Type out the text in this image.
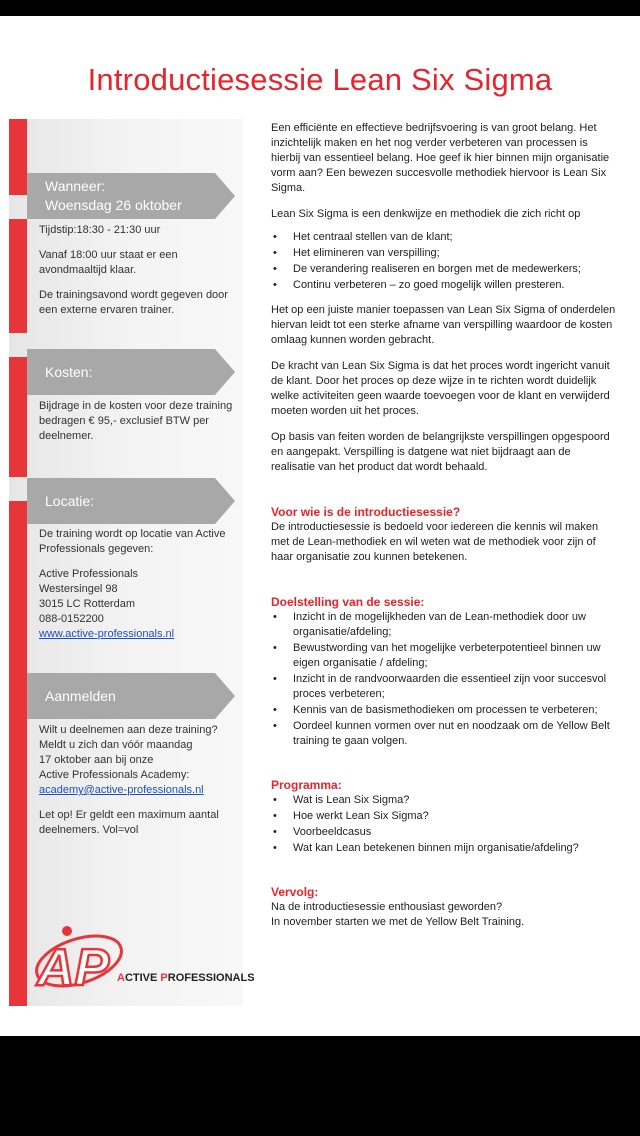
Introductiesessie Lean Six Sigma
Wanneer:
Woensdag 26 oktober

Tijdstip:18:30 - 21:30 uur

Vanaf 18:00 uur staat er een avondmaaltijd klaar.

De trainingsavond wordt gegeven door een externe ervaren trainer.

Kosten:

Bijdrage in de kosten voor deze training bedragen € 95,- exclusief BTW per deelnemer.

Locatie:

De training wordt op locatie van Active Professionals gegeven:

Active Professionals
Westersingel 98
3015 LC Rotterdam
088-0152200
www.active-professionals.nl
Aanmelden
Wilt u deelnemen aan deze training?
Meldt u zich dan vóór maandag
17 oktober aan bij onze
Active Professionals Academy:
academy@active-professionals.nl

Let op! Er geldt een maximum aantal deelnemers. Vol=vol

AP ACTIVE PROFESSIONALS

Een efficiënte en effectieve bedrijfsvoering is van groot belang. Het inzichtelijk maken en het nog verder verbeteren van processen is hierbij van essentieel belang. Hoe geef ik hier binnen mijn organisatie vorm aan? Een bewezen succesvolle methodiek hiervoor is Lean Six Sigma.

Lean Six Sigma is een denkwijze en methodiek die zich richt op

• Het centraal stellen van de klant;
• Het elimineren van verspilling;
• De verandering realiseren en borgen met de medewerkers;
• Continu verbeteren – zo goed mogelijk willen presteren.

Het op een juiste manier toepassen van Lean Six Sigma of onderdelen hiervan leidt tot een sterke afname van verspilling waardoor de kosten omlaag kunnen worden gebracht.

De kracht van Lean Six Sigma is dat het proces wordt ingericht vanuit de klant. Door het proces op deze wijze in te richten wordt duidelijk welke activiteiten geen waarde toevoegen voor de klant en verwijderd moeten worden uit het proces.

Op basis van feiten worden de belangrijkste verspillingen opgespoord en aangepakt. Verspilling is datgene wat niet bijdraagt aan de realisatie van het product dat wordt behaald.

Voor wie is de introductiesessie?

De introductiesessie is bedoeld voor iedereen die kennis wil maken met de Lean-methodiek en wil weten wat de methodiek voor zijn of haar organisatie zou kunnen betekenen.

Doelstelling van de sessie:
• Inzicht in de mogelijkheden van de Lean-methodiek door uw organisatie/afdeling;
• Bewustwording van het mogelijke verbeterpotentieel binnen uw eigen organisatie / afdeling;
• Inzicht in de randvoorwaarden die essentieel zijn voor succesvol proces verbeteren;
• Kennis van de basismethodieken om processen te verbeteren;
• Oordeel kunnen vormen over nut en noodzaak om de Yellow Belt training te gaan volgen.
Programma:
• Wat is Lean Six Sigma?
• Hoe werkt Lean Six Sigma?
• Voorbeeldcasus
• Wat kan Lean betekenen binnen mijn organisatie/afdeling?
Vervolg:
Na de introductiesessie enthousiast geworden?
In november starten we met de Yellow Belt Training.
